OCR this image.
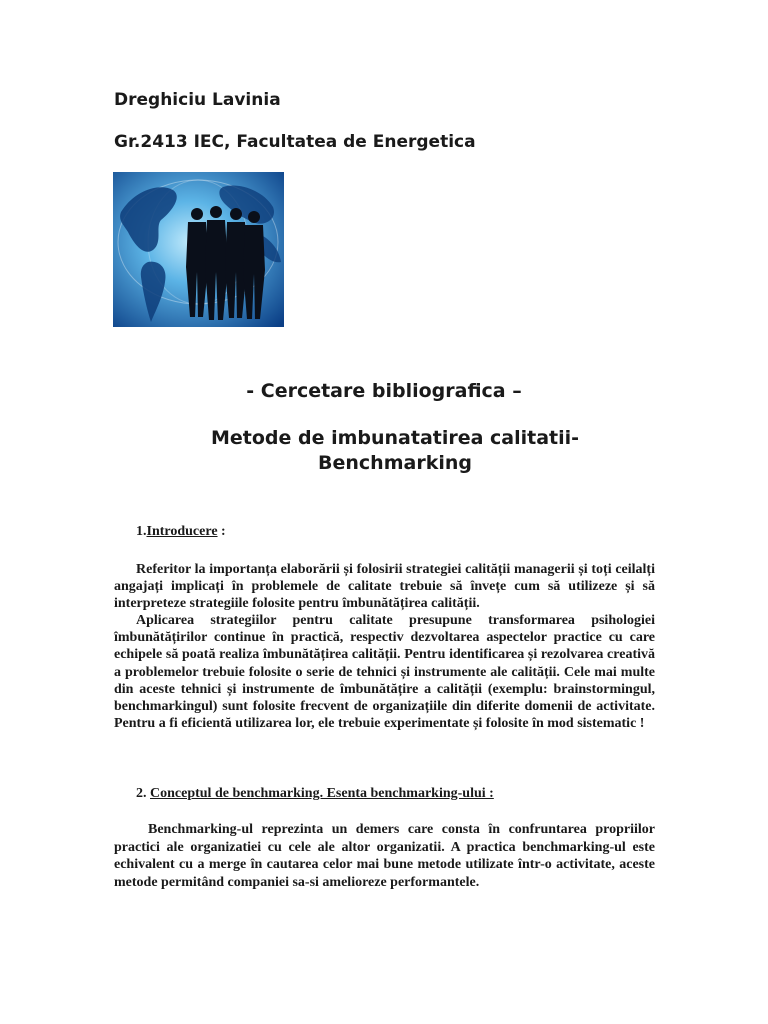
Dreghiciu Lavinia
Gr.2413 IEC, Facultatea de Energetica
- Cercetare bibliografica –
Metode de imbunatatirea calitatii- Benchmarking
1.Introducere :
Referitor la importanța elaborării și folosirii strategiei calității managerii și toți ceilalți angajați implicați în problemele de calitate trebuie să învețe cum să utilizeze și să interpreteze strategiile folosite pentru îmbunătățirea calității.
Aplicarea strategiilor pentru calitate presupune transformarea psihologiei îmbunătățirilor continue în practică, respectiv dezvoltarea aspectelor practice cu care echipele să poată realiza îmbunătățirea calității. Pentru identificarea și rezolvarea creativă a problemelor trebuie folosite o serie de tehnici și instrumente ale calității. Cele mai multe din aceste tehnici și instrumente de îmbunătățire a calității (exemplu: brainstormingul, benchmarkingul) sunt folosite frecvent de organizațiile din diferite domenii de activitate. Pentru a fi eficientă utilizarea lor, ele trebuie experimentate și folosite în mod sistematic !
2. Conceptul de benchmarking. Esenta benchmarking-ului :
Benchmarking-ul reprezinta un demers care consta în confruntarea propriilor practici ale organizatiei cu cele ale altor organizatii. A practica benchmarking-ul este echivalent cu a merge în cautarea celor mai bune metode utilizate într-o activitate, aceste metode permitând companiei sa-si amelioreze performantele.
